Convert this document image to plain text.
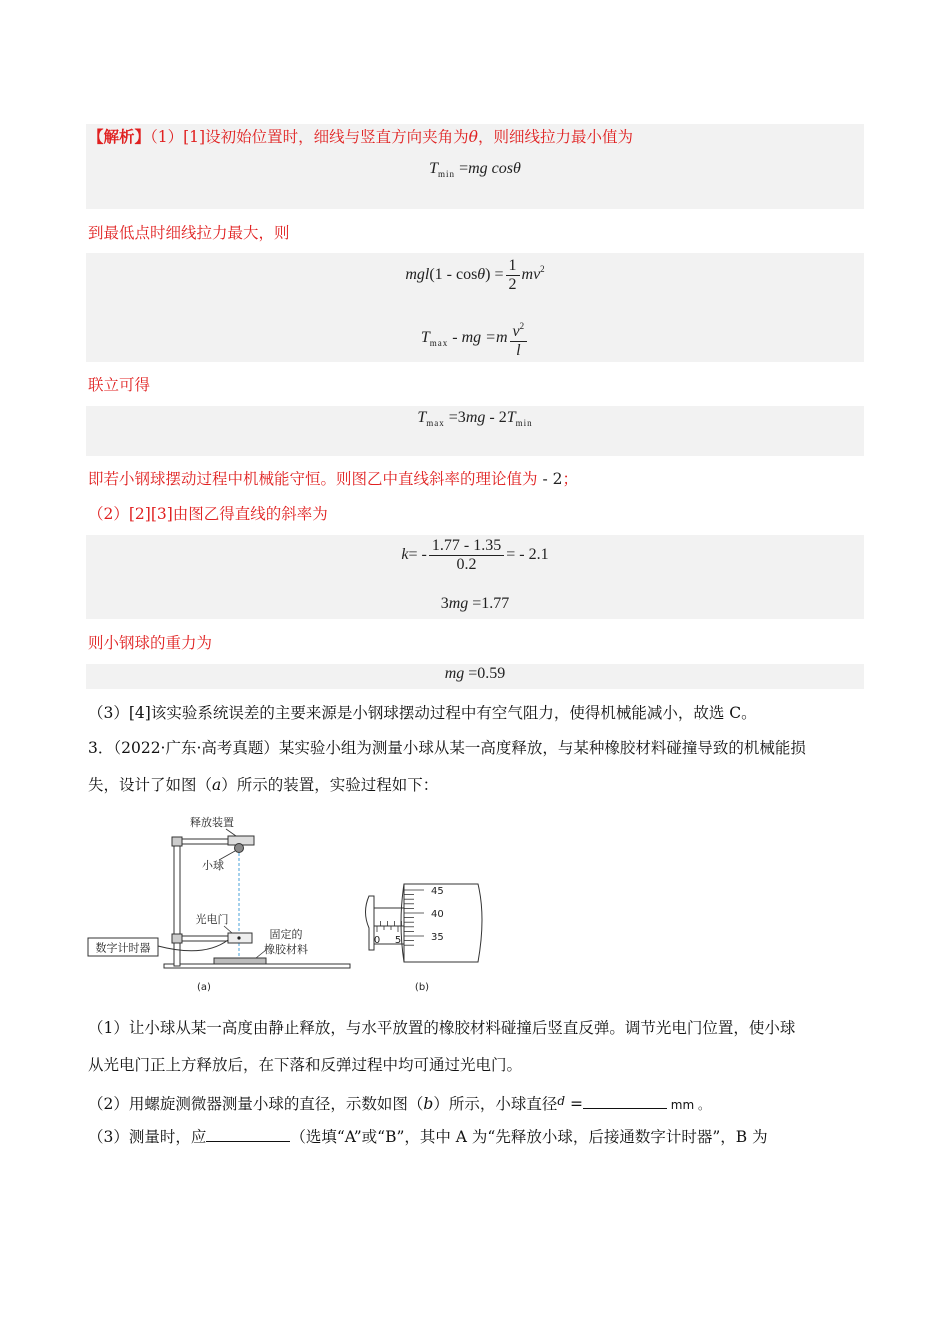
【解析】（1）[1]设初始位置时，细线与竖直方向夹角为θ，则细线拉力最小值为
$T_{min} =mg$ cosθ
到最低点时细线拉力最大，则
$mgl(1 - \cos\theta) = \frac{1}{2} mv^2$
$T_{max}$ - mg $=m \frac{v^2}{l}$
联立可得
$T_{max} =3mg - 2T_{min}$
即若小钢球摆动过程中机械能守恒。则图乙中直线斜率的理论值为 - 2；
（2）[2][3]由图乙得直线的斜率为
$k= - \frac{1.77 - 1.35}{0.2}$ = - 2.1
3mg =1.77
则小钢球的重力为
mg =0.59
（3）[4]该实验系统误差的主要来源是小钢球摆动过程中有空气阻力，使得机械能减小，故选 C。
3．（2022·广东·高考真题）某实验小组为测量小球从某一高度释放，与某种橡胶材料碰撞导致的机械能损
失，设计了如图（a）所示的装置，实验过程如下：
数字计时器
释放装置
小球
光电门
固定的
橡胶材料
(a)
0 5
45
40
35
(b)
（1）让小球从某一高度由静止释放，与水平放置的橡胶材料碰撞后竖直反弹。调节光电门位置，使小球
从光电门正上方释放后，在下落和反弹过程中均可通过光电门。
（2）用螺旋测微器测量小球的直径，示数如图（b）所示，小球直径$^d$ =	mm 。
（3）测量时，应	（选填“A”或“B”，其中 A 为“先释放小球，后接通数字计时器”，B 为
